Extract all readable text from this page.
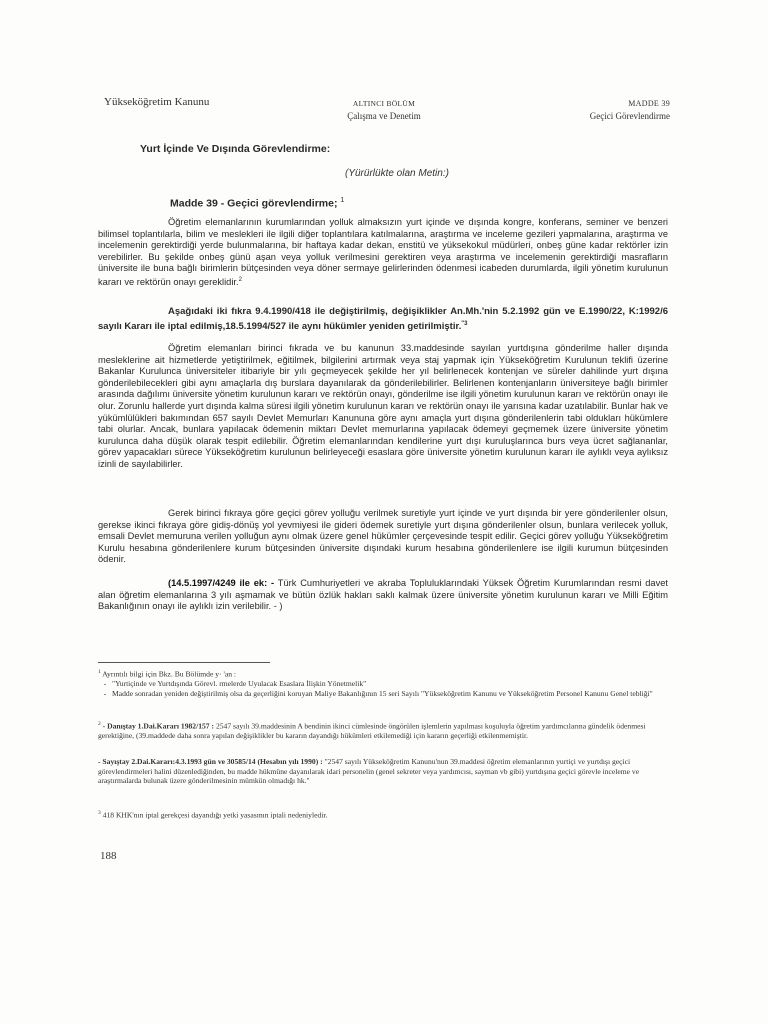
Yükseköğretim Kanunu	ALTINCI BÖLÜM
Çalışma ve Denetim
MADDE 39
Geçici Görevlendirme
Yurt İçinde Ve Dışında Görevlendirme:
(Yürürlükte olan Metin:)
Madde 39 - Geçici görevlendirme; $^1$

Öğretim elemanlarının kurumlarından yolluk almaksızın yurt içinde ve dışında kongre, konferans, seminer ve benzeri bilimsel toplantılarla, bilim ve meslekleri ile ilgili diğer toplantılara katılmalarına, araştırma ve inceleme gezileri yapmalarına, araştırma ve incelemenin gerektirdiği yerde bulunmalarına, bir haftaya kadar dekan, enstitü ve yüksekokul müdürleri, onbeş güne kadar rektörler izin verebilirler. Bu şekilde onbeş günü aşan veya yolluk verilmesini gerektiren veya araştırma ve incelemenin gerektirdiği masrafların üniversite ile buna bağlı birimlerin bütçesinden veya döner sermaye gelirlerinden ödenmesi icabeden durumlarda, ilgili yönetim kurulunun kararı ve rektörün onayı gereklidir.$^2$

Aşağıdaki iki fıkra 9.4.1990/418 ile değiştirilmiş, değişiklikler An.Mh.'nin 5.2.1992 gün ve E.1990/22, K:1992/6 sayılı Kararı ile iptal edilmiş,18.5.1994/527 ile aynı hükümler yeniden getirilmiştir.$^{"3}$

Öğretim elemanları birinci fıkrada ve bu kanunun 33.maddesinde sayılan yurtdışına gönderilme haller dışında mesleklerine ait hizmetlerde yetiştirilmek, eğitilmek, bilgilerini artırmak veya staj yapmak için Yükseköğretim Kurulunun teklifi üzerine Bakanlar Kurulunca üniversiteler itibariyle bir yılı geçmeyecek şekilde her yıl belirlenecek kontenjan ve süreler dahilinde yurt dışına gönderilebilecekleri gibi aynı amaçlarla dış burslara dayanılarak da gönderilebilirler. Belirlenen kontenjanların üniversiteye bağlı birimler arasında dağılımı üniversite yönetim kurulunun kararı ve rektörün onayı, gönderilme ise ilgili yönetim kurulunun kararı ve rektörün onayı ile olur. Zorunlu hallerde yurt dışında kalma süresi ilgili yönetim kurulunun kararı ve rektörün onayı ile yarısına kadar uzatılabilir. Bunlar hak ve yükümlülükleri bakımından 657 sayılı Devlet Memurları Kanununa göre aynı amaçla yurt dışına gönderilenlerin tabi oldukları hükümlere tabi olurlar. Ancak, bunlara yapılacak ödemenin miktarı Devlet memurlarına yapılacak ödemeyi geçmemek üzere üniversite yönetim kurulunca daha düşük olarak tespit edilebilir. Öğretim elemanlarından kendilerine yurt dışı kuruluşlarınca burs veya ücret sağlananlar, görev yapacakları sürece Yükseköğretim kurulunun belirleyeceği esaslara göre üniversite yönetim kurulunun kararı ile aylıklı veya aylıksız izinli de sayılabilirler.

Gerek birinci fıkraya göre geçici görev yolluğu verilmek suretiyle yurt içinde ve yurt dışında bir yere gönderilenler olsun, gerekse ikinci fıkraya göre gidiş-dönüş yol yevmiyesi ile gideri ödemek suretiyle yurt dışına gönderilenler olsun, bunlara verilecek yolluk, emsali Devlet memuruna verilen yolluğun aynı olmak üzere genel hükümler çerçevesinde tespit edilir. Geçici görev yolluğu Yükseköğretim Kurulu hesabına gönderilenlere kurum bütçesinden üniversite dışındaki kurum hesabına gönderilenlere ise ilgili kurumun bütçesinden ödenir.

(14.5.1997/4249 ile ek: - Türk Cumhuriyetleri ve akraba Topluluklarındaki Yüksek Öğretim Kurumlarından resmi davet alan öğretim elemanlarına 3 yılı aşmamak ve bütün özlük hakları saklı kalmak üzere üniversite yönetim kurulunun kararı ve Milli Eğitim Bakanlığının onayı ile aylıklı izin verilebilir. - )

$^1$ Ayrıntılı bilgi için Bkz. Bu Bölümde y· 'an :
- "Yurtiçinde ve Yurtdışında Görevl. rmelerde Uyulacak Esaslara İlişkin Yönetmelik"
- Madde sonradan yeniden değiştirilmiş olsa da geçerliğini koruyan Maliye Bakanlığının 15 seri Sayılı "Yükseköğretim Kanunu ve Yükseköğretim Personel Kanunu Genel tebliği"

$^2$ - Danıştay 1.Dai.Kararı 1982/157 : 2547 sayılı 39.maddesinin A bendinin ikinci cümlesinde öngörülen işlemlerin yapılması koşuluyla öğretim yardımcılarına gündelik ödenmesi gerektiğine, (39.maddede daha sonra yapılan değişiklikler bu kararın dayandığı hükümleri etkilemediği için kararın geçerliği etkilenmemiştir.

- Sayıştay 2.Dai.Kararı:4.3.1993 gün ve 30585/14 (Hesabın yılı 1990) : "2547 sayılı Yükseköğretim Kanunu'nun 39.maddesi öğretim elemanlarının yurtiçi ve yurtdışı geçici görevlendirmeleri halini düzenlediğinden, bu madde hükmüne dayanılarak idari personelin (genel sekreter veya yardımcısı, sayman vb gibi) yurtdışına geçici görevle inceleme ve araştırmalarda bulunak üzere gönderilmesinin mümkün olmadığı hk."

$^3$ 418 KHK'nın iptal gerekçesi dayandığı yetki yasasının iptali nedeniyledir.

188
